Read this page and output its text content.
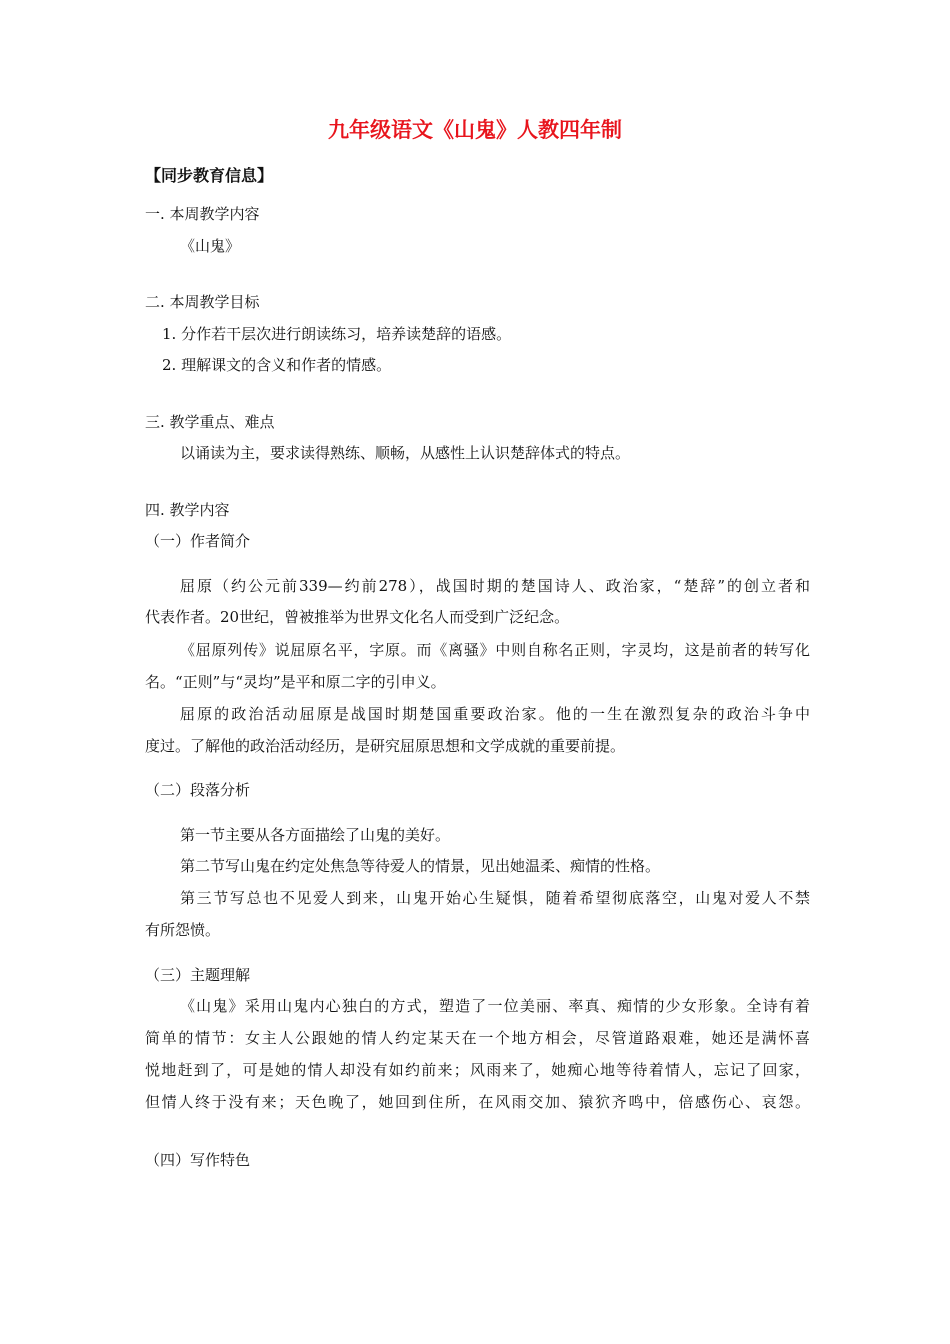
九年级语文《山鬼》人教四年制
【同步教育信息】
一. 本周教学内容
《山鬼》
二. 本周教学目标
1. 分作若干层次进行朗读练习，培养读楚辞的语感。
2. 理解课文的含义和作者的情感。
三. 教学重点、难点
以诵读为主，要求读得熟练、顺畅，从感性上认识楚辞体式的特点。
四. 教学内容
（一）作者简介
屈原（约公元前339—约前278），战国时期的楚国诗人、政治家，“楚辞”的创立者和
代表作者。20世纪，曾被推举为世界文化名人而受到广泛纪念。
《屈原列传》说屈原名平，字原。而《离骚》中则自称名正则，字灵均，这是前者的转写化
名。“正则”与“灵均”是平和原二字的引申义。
屈原的政治活动屈原是战国时期楚国重要政治家。他的一生在激烈复杂的政治斗争中
度过。了解他的政治活动经历，是研究屈原思想和文学成就的重要前提。
（二）段落分析
第一节主要从各方面描绘了山鬼的美好。
第二节写山鬼在约定处焦急等待爱人的情景，见出她温柔、痴情的性格。
第三节写总也不见爱人到来，山鬼开始心生疑惧，随着希望彻底落空，山鬼对爱人不禁
有所怨愤。
（三）主题理解
《山鬼》采用山鬼内心独白的方式，塑造了一位美丽、率真、痴情的少女形象。全诗有着
简单的情节：女主人公跟她的情人约定某天在一个地方相会，尽管道路艰难，她还是满怀喜
悦地赶到了，可是她的情人却没有如约前来；风雨来了，她痴心地等待着情人，忘记了回家，
但情人终于没有来；天色晚了，她回到住所，在风雨交加、猿狖齐鸣中，倍感伤心、哀怨。
（四）写作特色
